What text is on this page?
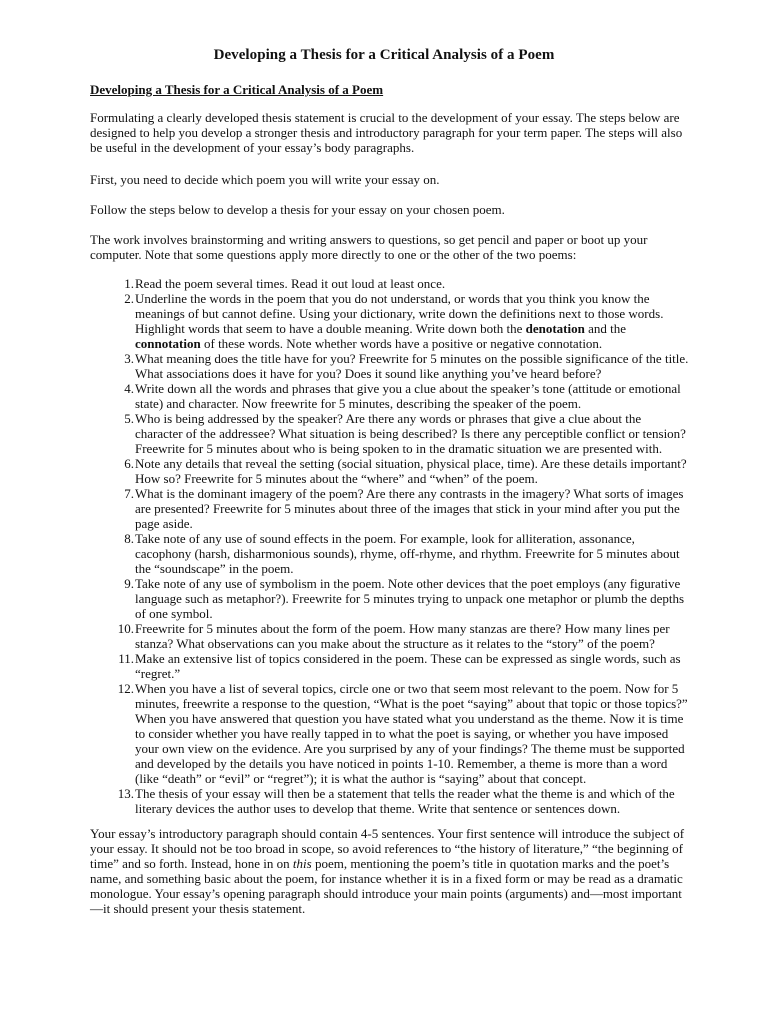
Developing a Thesis for a Critical Analysis of a Poem
Developing a Thesis for a Critical Analysis of a Poem

Formulating a clearly developed thesis statement is crucial to the development of your essay. The steps below are designed to help you develop a stronger thesis and introductory paragraph for your term paper. The steps will also be useful in the development of your essay’s body paragraphs.

First, you need to decide which poem you will write your essay on.

Follow the steps below to develop a thesis for your essay on your chosen poem.

The work involves brainstorming and writing answers to questions, so get pencil and paper or boot up your computer. Note that some questions apply more directly to one or the other of the two poems:

1. Read the poem several times. Read it out loud at least once.
2. Underline the words in the poem that you do not understand, or words that you think you know the meanings of but cannot define. Using your dictionary, write down the definitions next to those words. Highlight words that seem to have a double meaning. Write down both the denotation and the connotation of these words. Note whether words have a positive or negative connotation.
3. What meaning does the title have for you? Freewrite for 5 minutes on the possible significance of the title. What associations does it have for you? Does it sound like anything you’ve heard before?
4. Write down all the words and phrases that give you a clue about the speaker’s tone (attitude or emotional state) and character. Now freewrite for 5 minutes, describing the speaker of the poem.
5. Who is being addressed by the speaker? Are there any words or phrases that give a clue about the character of the addressee? What situation is being described? Is there any perceptible conflict or tension? Freewrite for 5 minutes about who is being spoken to in the dramatic situation we are presented with.
6. Note any details that reveal the setting (social situation, physical place, time). Are these details important? How so? Freewrite for 5 minutes about the “where” and “when” of the poem.
7. What is the dominant imagery of the poem? Are there any contrasts in the imagery? What sorts of images are presented? Freewrite for 5 minutes about three of the images that stick in your mind after you put the page aside.
8. Take note of any use of sound effects in the poem. For example, look for alliteration, assonance, cacophony (harsh, disharmonious sounds), rhyme, off-rhyme, and rhythm. Freewrite for 5 minutes about the “soundscape” in the poem.
9. Take note of any use of symbolism in the poem. Note other devices that the poet employs (any figurative language such as metaphor?). Freewrite for 5 minutes trying to unpack one metaphor or plumb the depths of one symbol.
10. Freewrite for 5 minutes about the form of the poem. How many stanzas are there? How many lines per stanza? What observations can you make about the structure as it relates to the “story” of the poem?
11. Make an extensive list of topics considered in the poem. These can be expressed as single words, such as “regret.”
12. When you have a list of several topics, circle one or two that seem most relevant to the poem. Now for 5 minutes, freewrite a response to the question, “What is the poet “saying” about that topic or those topics?” When you have answered that question you have stated what you understand as the theme. Now it is time to consider whether you have really tapped in to what the poet is saying, or whether you have imposed your own view on the evidence. Are you surprised by any of your findings? The theme must be supported and developed by the details you have noticed in points 1-10. Remember, a theme is more than a word (like “death” or “evil” or “regret”); it is what the author is “saying” about that concept.
13. The thesis of your essay will then be a statement that tells the reader what the theme is and which of the literary devices the author uses to develop that theme. Write that sentence or sentences down.

Your essay’s introductory paragraph should contain 4-5 sentences. Your first sentence will introduce the subject of your essay. It should not be too broad in scope, so avoid references to “the history of literature,” “the beginning of time” and so forth. Instead, hone in on this poem, mentioning the poem’s title in quotation marks and the poet’s name, and something basic about the poem, for instance whether it is in a fixed form or may be read as a dramatic monologue. Your essay’s opening paragraph should introduce your main points (arguments) and—most important—it should present your thesis statement.
